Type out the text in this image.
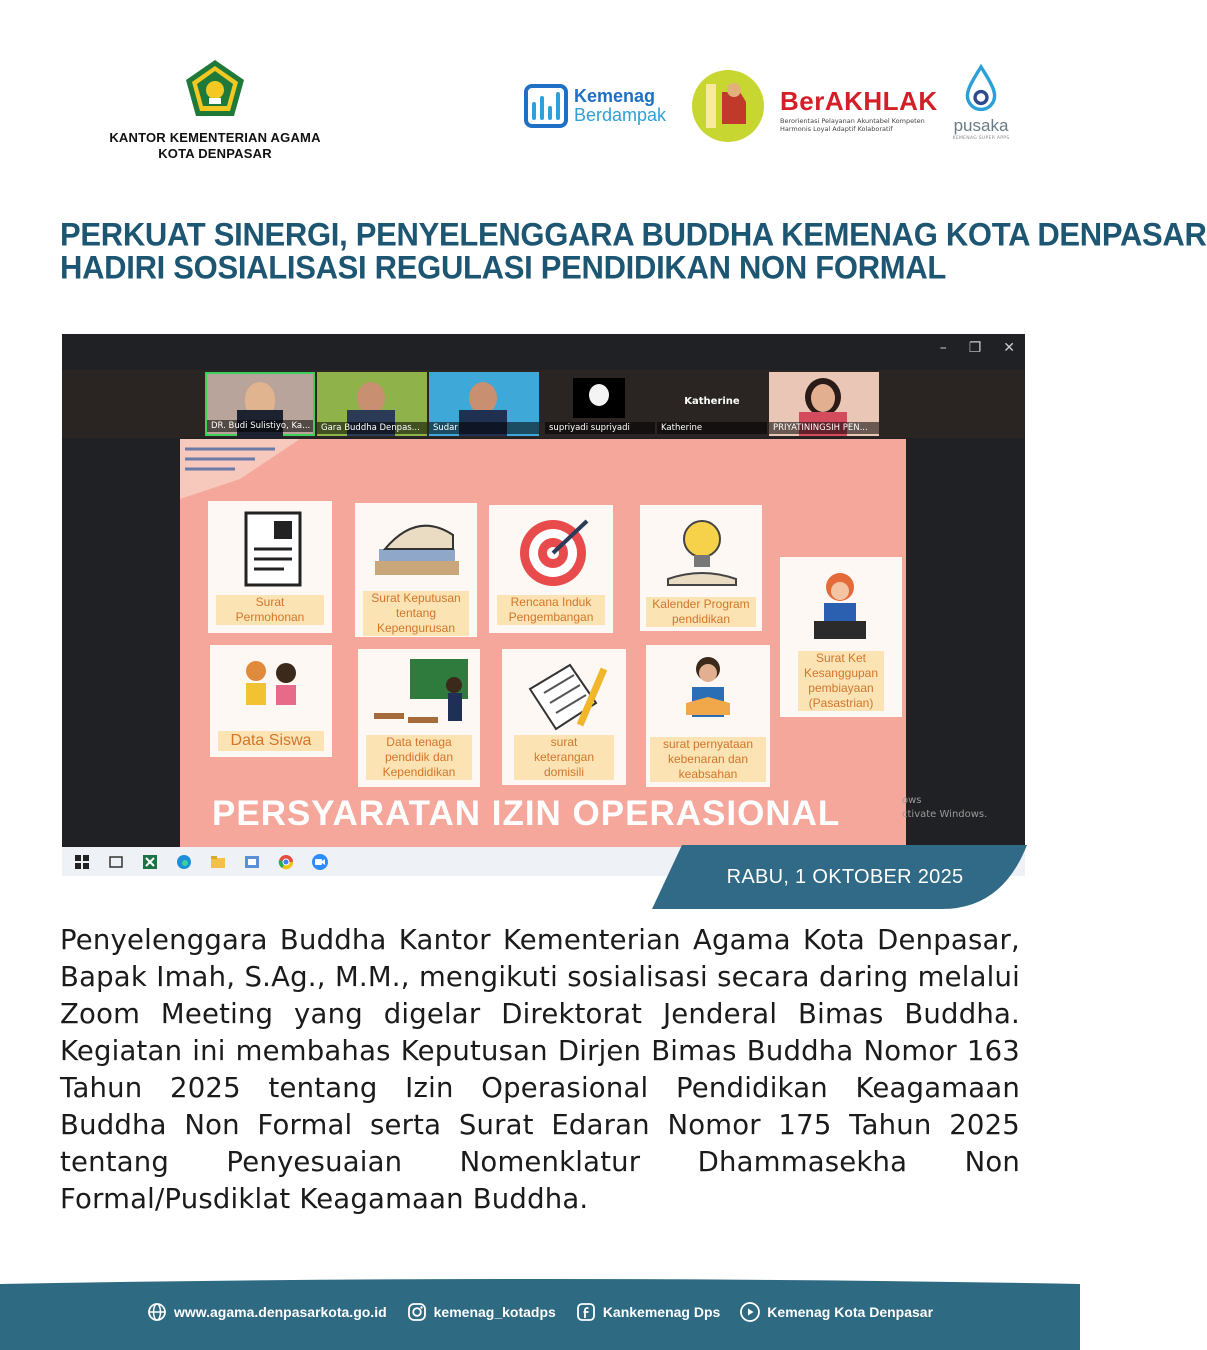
KANTOR KEMENTERIAN AGAMA
KOTA DENPASAR
Kemenag
Berdampak	BerAKHLAK
Berorientasi Pelayanan Akuntabel Kompeten
Harmonis Loyal Adaptif Kolaboratif	pusaka
KEMENAG SUPER APPS
PERKUAT SINERGI, PENYELENGGARA BUDDHA KEMENAG KOTA DENPASAR
HADIRI SOSIALISASI REGULASI PENDIDIKAN NON FORMAL
– ❐ ✕
DR. Budi Sulistiyo, Ka...	Gara Buddha Denpas...	Sudar	supriyadi supriyadi
Katherine
Katherine	PRIYATININGSIH PEN...
Surat
Permohonan
Surat Keputusan
tentang
Kepengurusan
Rencana Induk
Pengembangan
Kalender Program
pendidikan
Surat Ket
Kesanggupan
pembiayaan
(Pasastrian)
Data Siswa	Data tenaga
pendidik dan
Kependidikan
surat
keterangan
domisili
surat pernyataan
kebenaran dan
keabsahan
PERSYARATAN IZIN OPERASIONAL	ows
ctivate Windows.
RABU, 1 OKTOBER 2025
Penyelenggara Buddha Kantor Kementerian Agama Kota Denpasar, Bapak Imah, S.Ag., M.M., mengikuti sosialisasi secara daring melalui Zoom Meeting yang digelar Direktorat Jenderal Bimas Buddha. Kegiatan ini membahas Keputusan Dirjen Bimas Buddha Nomor 163 Tahun 2025 tentang Izin Operasional Pendidikan Keagamaan Buddha Non Formal serta Surat Edaran Nomor 175 Tahun 2025 tentang Penyesuaian Nomenklatur Dhammasekha Non Formal/Pusdiklat Keagamaan Buddha.
www.agama.denpasarkota.go.id	kemenag_kotadps	Kankemenag Dps	Kemenag Kota Denpasar
